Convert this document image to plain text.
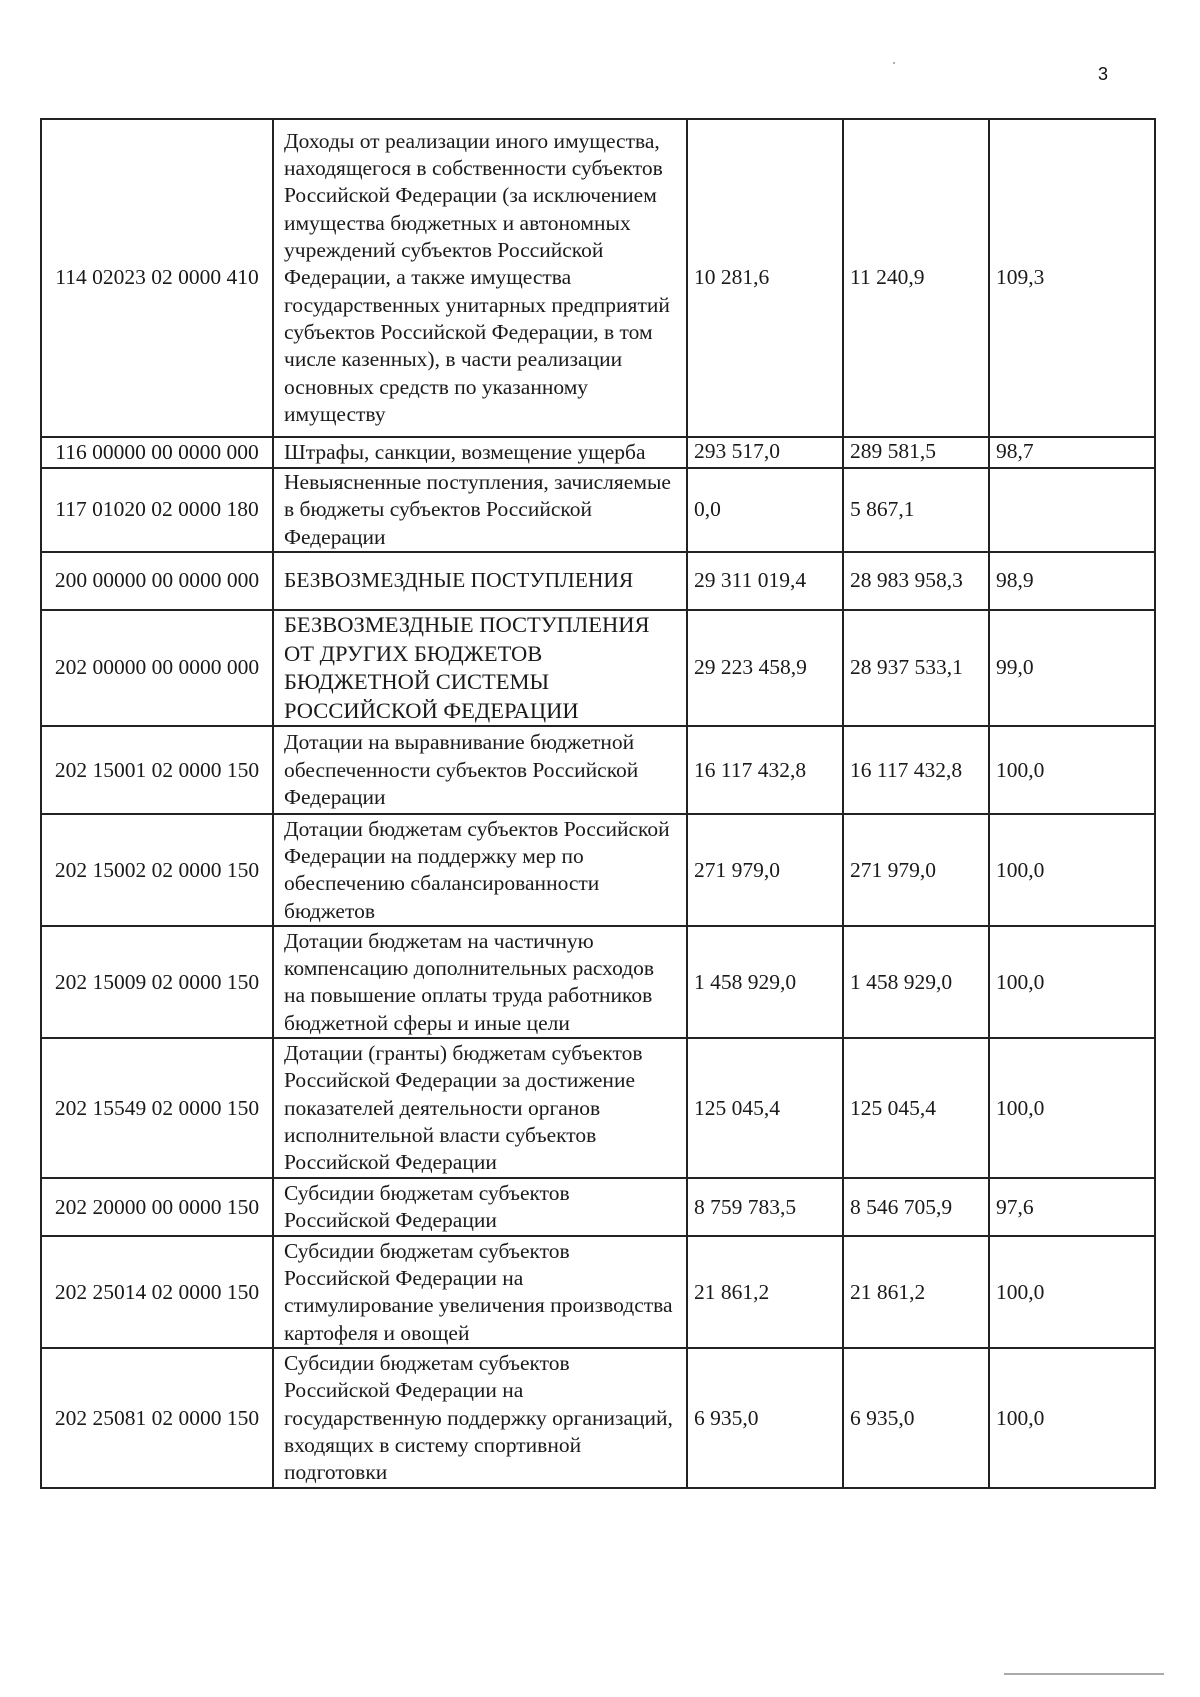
3
114 02023 02 0000 410	Доходы от реализации иного имущества, находящегося в собственности субъектов Российской Федерации (за исключением имущества бюджетных и автономных учреждений субъектов Российской Федерации, а также имущества государственных унитарных предприятий субъектов Российской Федерации, в том числе казенных), в части реализации основных средств по указанному имуществу	10 281,6	11 240,9	109,3
116 00000 00 0000 000	Штрафы, санкции, возмещение ущерба	293 517,0	289 581,5	98,7
117 01020 02 0000 180	Невыясненные поступления, зачисляемые в бюджеты субъектов Российской Федерации	0,0	5 867,1	
200 00000 00 0000 000	БЕЗВОЗМЕЗДНЫЕ ПОСТУПЛЕНИЯ	29 311 019,4	28 983 958,3	98,9
202 00000 00 0000 000	БЕЗВОЗМЕЗДНЫЕ ПОСТУПЛЕНИЯ ОТ ДРУГИХ БЮДЖЕТОВ БЮДЖЕТНОЙ СИСТЕМЫ РОССИЙСКОЙ ФЕДЕРАЦИИ	29 223 458,9	28 937 533,1	99,0
202 15001 02 0000 150	Дотации на выравнивание бюджетной обеспеченности субъектов Российской Федерации	16 117 432,8	16 117 432,8	100,0
202 15002 02 0000 150	Дотации бюджетам субъектов Российской Федерации на поддержку мер по обеспечению сбалансированности бюджетов	271 979,0	271 979,0	100,0
202 15009 02 0000 150	Дотации бюджетам на частичную компенсацию дополнительных расходов на повышение оплаты труда работников бюджетной сферы и иные цели	1 458 929,0	1 458 929,0	100,0
202 15549 02 0000 150	Дотации (гранты) бюджетам субъектов Российской Федерации за достижение показателей деятельности органов исполнительной власти субъектов Российской Федерации	125 045,4	125 045,4	100,0
202 20000 00 0000 150	Субсидии бюджетам субъектов Российской Федерации	8 759 783,5	8 546 705,9	97,6
202 25014 02 0000 150	Субсидии бюджетам субъектов Российской Федерации на стимулирование увеличения производства картофеля и овощей	21 861,2	21 861,2	100,0
202 25081 02 0000 150	Субсидии бюджетам субъектов Российской Федерации на государственную поддержку организаций, входящих в систему спортивной подготовки	6 935,0	6 935,0	100,0
